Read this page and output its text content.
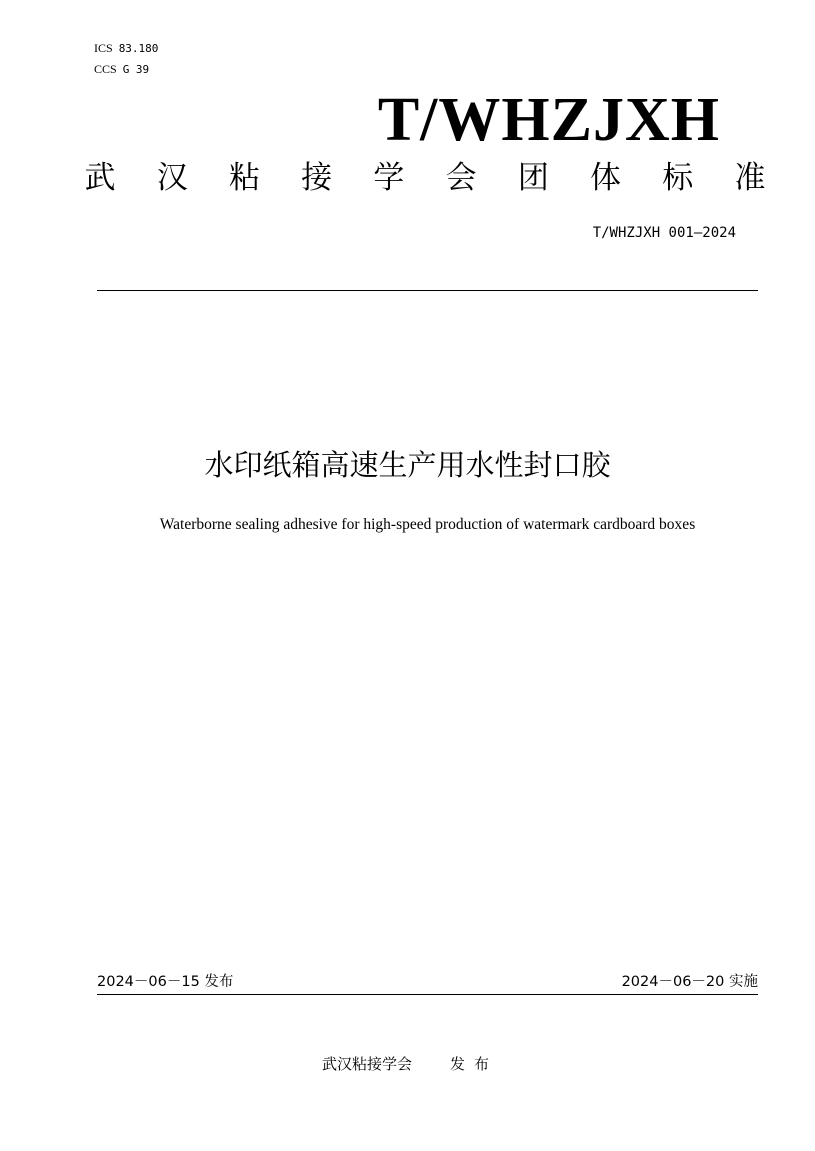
ICS 83.180
CCS G 39
T/WHZJXH
武 汉 粘 接 学 会 团 体 标 准
T/WHZJXH 001—2024
水印纸箱高速生产用水性封口胶
Waterborne sealing adhesive for high-speed production of watermark cardboard boxes
2024－06－15 发布	2024－06－20 实施
武汉粘接学会	发布
